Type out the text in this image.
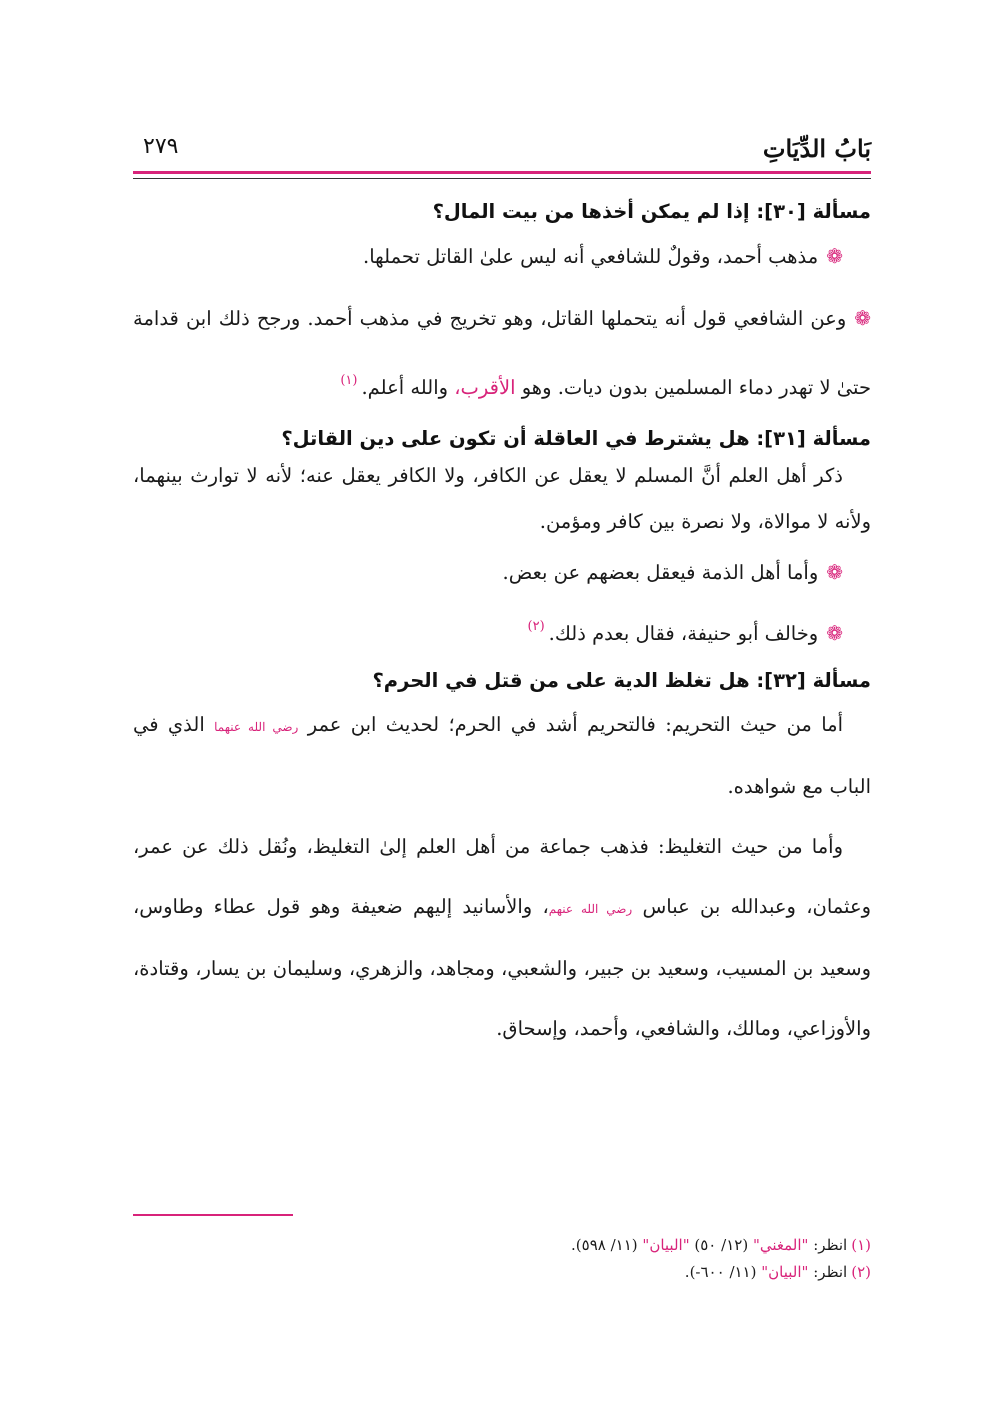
بَابُ الدِّيَاتِ
٢٧٩

مسألة [٣٠]: إذا لم يمكن أخذها من بيت المال؟

❁مذهب أحمد، وقولٌ للشافعي أنه ليس علىٰ القاتل تحملها.

❁وعن الشافعي قول أنه يتحملها القاتل، وهو تخريج في مذهب أحمد. ورجح ذلك ابن قدامة حتىٰ لا تهدر دماء المسلمين بدون ديات. وهو الأقرب، والله أعلم.$^{(١)}$

مسألة [٣١]: هل يشترط في العاقلة أن تكون على دين القاتل؟

ذكر أهل العلم أنَّ المسلم لا يعقل عن الكافر، ولا الكافر يعقل عنه؛ لأنه لا توارث بينهما، ولأنه لا موالاة، ولا نصرة بين كافر ومؤمن.

❁وأما أهل الذمة فيعقل بعضهم عن بعض.

❁وخالف أبو حنيفة، فقال بعدم ذلك.$^{(٢)}$

مسألة [٣٢]: هل تغلظ الدية على من قتل في الحرم؟

أما من حيث التحريم: فالتحريم أشد في الحرم؛ لحديث ابن عمر رضي الله عنهما الذي في الباب مع شواهده.

وأما من حيث التغليظ: فذهب جماعة من أهل العلم إلىٰ التغليظ، ونُقل ذلك عن عمر، وعثمان، وعبدالله بن عباس رضي الله عنهم، والأسانيد إليهم ضعيفة وهو قول عطاء وطاوس، وسعيد بن المسيب، وسعيد بن جبير، والشعبي، ومجاهد، والزهري، وسليمان بن يسار، وقتادة، والأوزاعي، ومالك، والشافعي، وأحمد، وإسحاق.

(١)انظر: "المغني" (١٢/ ٥٠) "البيان" (١١/ ٥٩٨).

(٢)انظر: "البيان" (١١/ ٦٠٠-).
